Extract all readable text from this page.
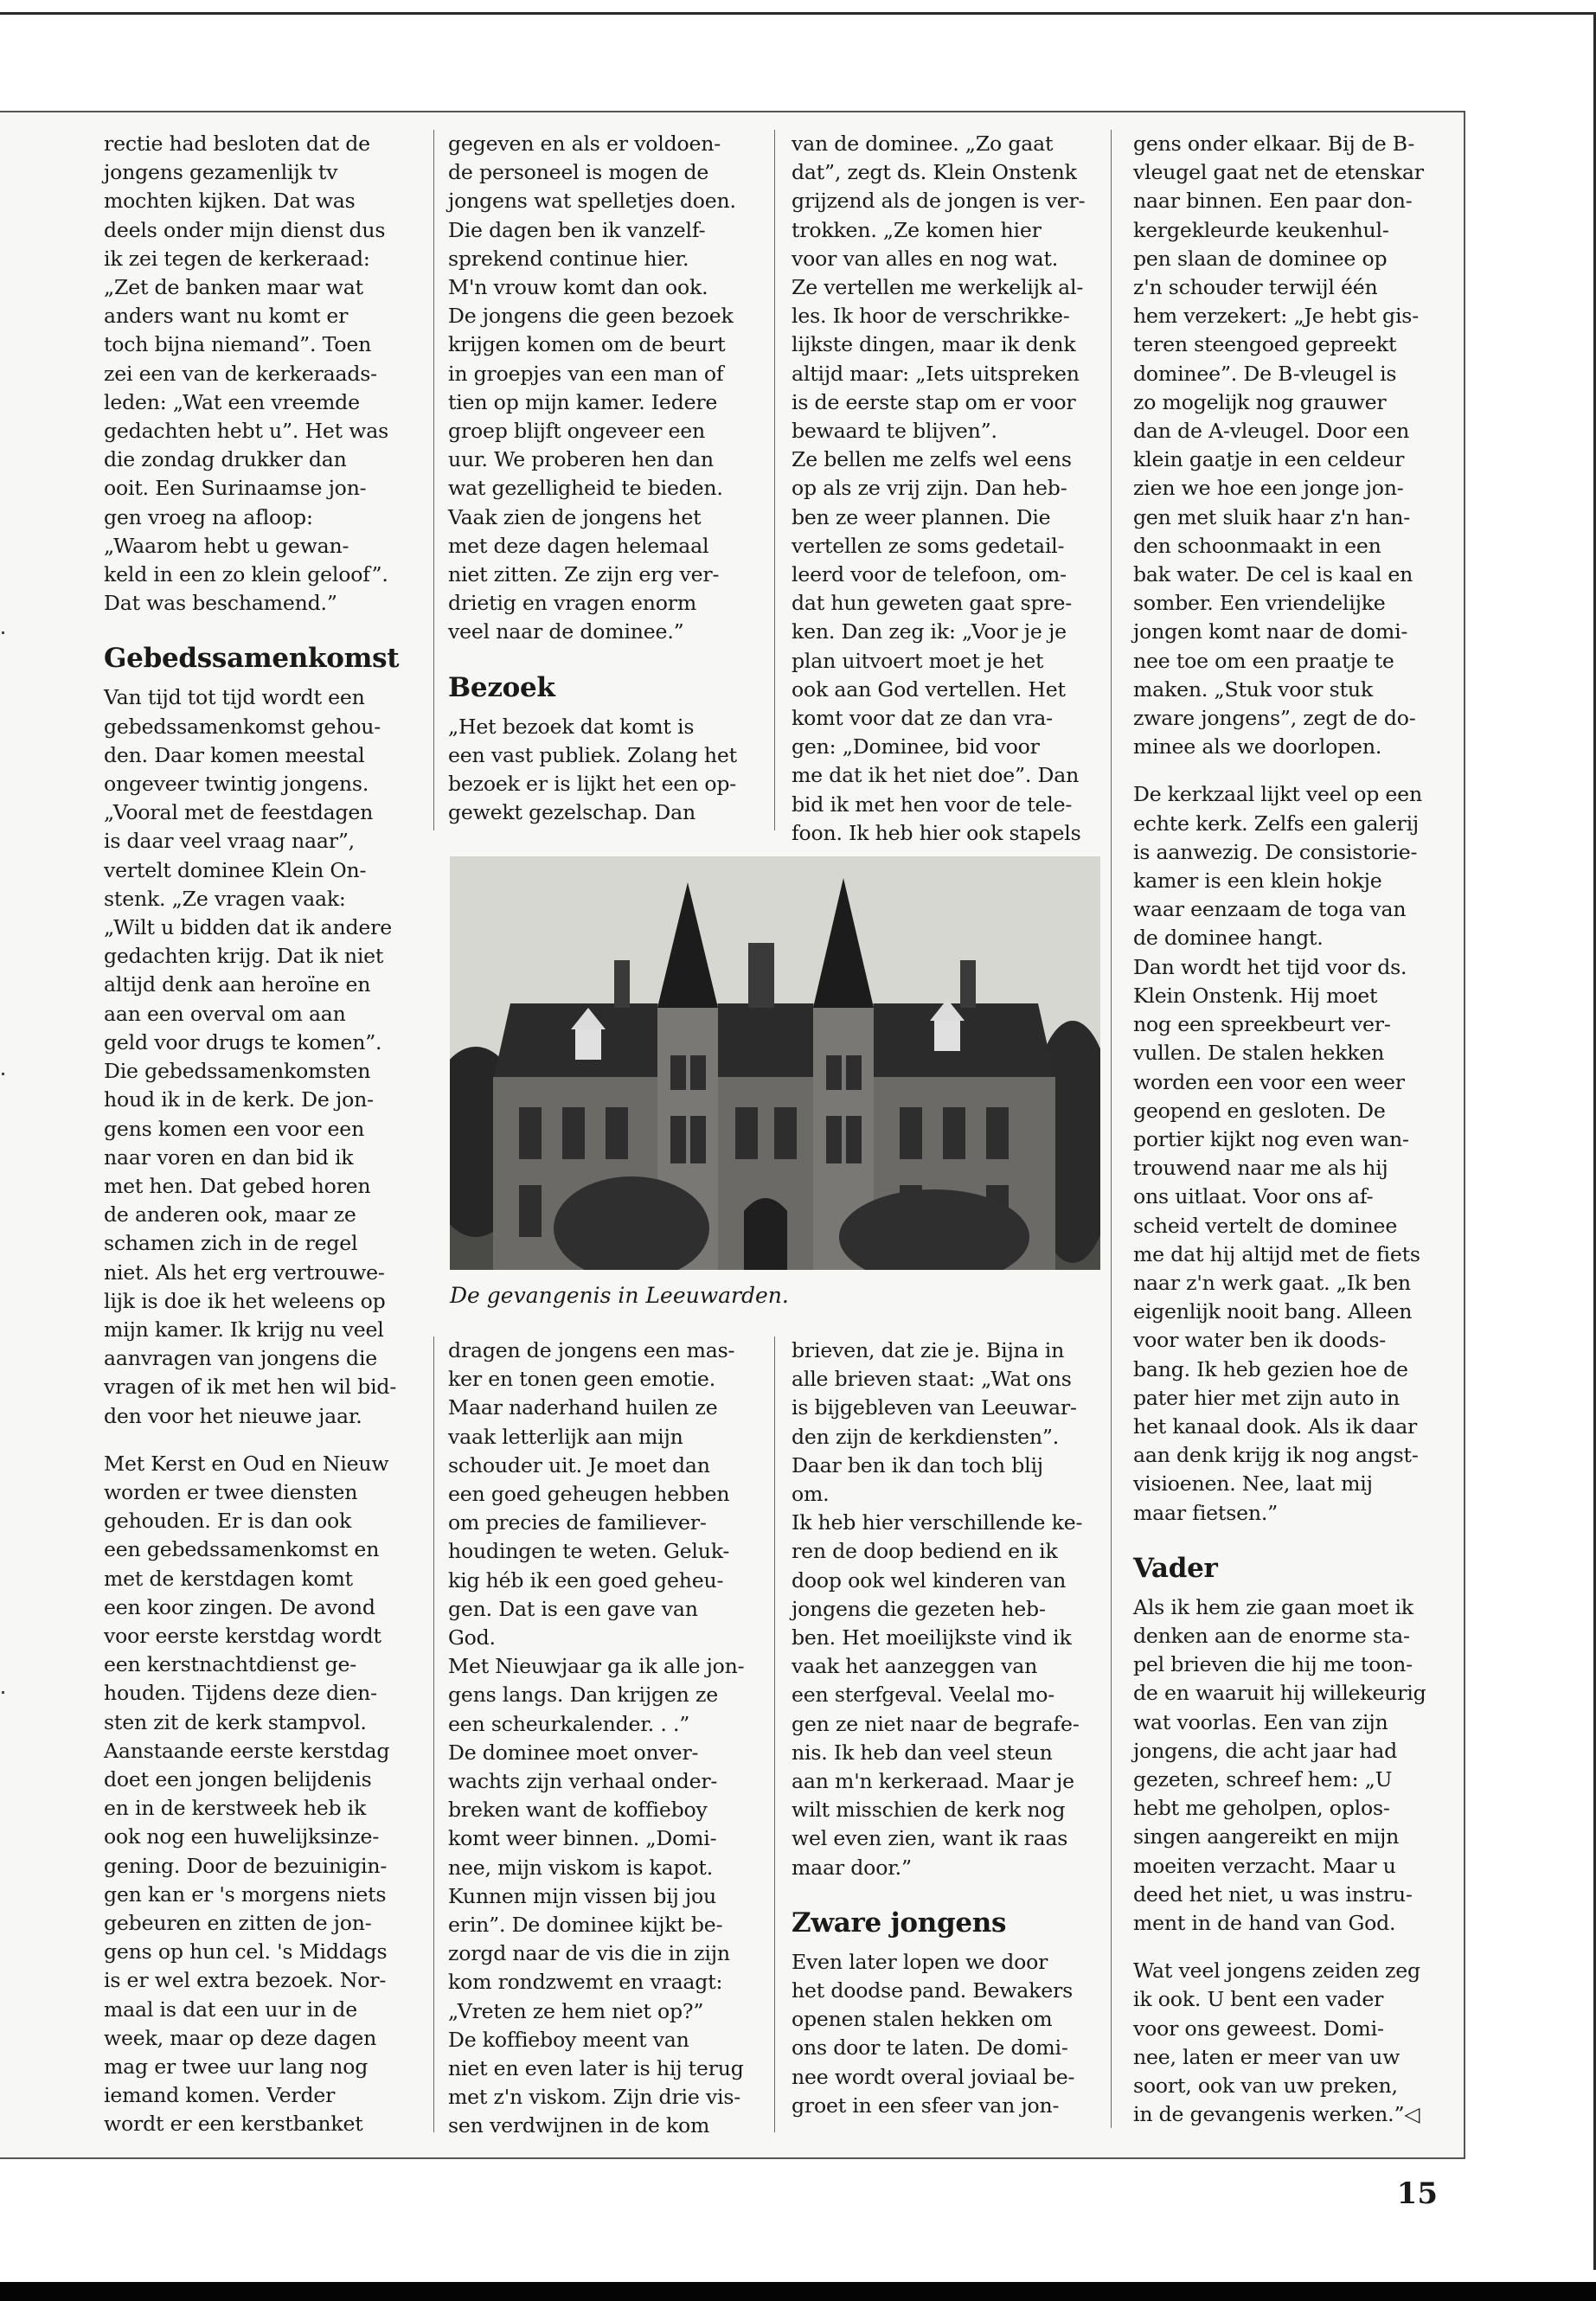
rectie had besloten dat de
jongens gezamenlijk tv
mochten kijken. Dat was
deels onder mijn dienst dus
ik zei tegen de kerkeraad:
„Zet de banken maar wat
anders want nu komt er
toch bijna niemand”. Toen
zei een van de kerkeraads-
leden: „Wat een vreemde
gedachten hebt u”. Het was
die zondag drukker dan
ooit. Een Surinaamse jon-
gen vroeg na afloop:
„Waarom hebt u gewan-
keld in een zo klein geloof”.
Dat was beschamend.”

Gebedssamenkomst

Van tijd tot tijd wordt een
gebedssamenkomst gehou-
den. Daar komen meestal
ongeveer twintig jongens.
„Vooral met de feestdagen
is daar veel vraag naar”,
vertelt dominee Klein On-
stenk. „Ze vragen vaak:
„Wilt u bidden dat ik andere
gedachten krijg. Dat ik niet
altijd denk aan heroïne en
aan een overval om aan
geld voor drugs te komen”.
Die gebedssamenkomsten
houd ik in de kerk. De jon-
gens komen een voor een
naar voren en dan bid ik
met hen. Dat gebed horen
de anderen ook, maar ze
schamen zich in de regel
niet. Als het erg vertrouwe-
lijk is doe ik het weleens op
mijn kamer. Ik krijg nu veel
aanvragen van jongens die
vragen of ik met hen wil bid-
den voor het nieuwe jaar.

Met Kerst en Oud en Nieuw
worden er twee diensten
gehouden. Er is dan ook
een gebedssamenkomst en
met de kerstdagen komt
een koor zingen. De avond
voor eerste kerstdag wordt
een kerstnachtdienst ge-
houden. Tijdens deze dien-
sten zit de kerk stampvol.
Aanstaande eerste kerstdag
doet een jongen belijdenis
en in de kerstweek heb ik
ook nog een huwelijksinze-
gening. Door de bezuinigin-
gen kan er 's morgens niets
gebeuren en zitten de jon-
gens op hun cel. 's Middags
is er wel extra bezoek. Nor-
maal is dat een uur in de
week, maar op deze dagen
mag er twee uur lang nog
iemand komen. Verder
wordt er een kerstbanket

gegeven en als er voldoen-
de personeel is mogen de
jongens wat spelletjes doen.
Die dagen ben ik vanzelf-
sprekend continue hier.
M'n vrouw komt dan ook.
De jongens die geen bezoek
krijgen komen om de beurt
in groepjes van een man of
tien op mijn kamer. Iedere
groep blijft ongeveer een
uur. We proberen hen dan
wat gezelligheid te bieden.
Vaak zien de jongens het
met deze dagen helemaal
niet zitten. Ze zijn erg ver-
drietig en vragen enorm
veel naar de dominee.”

Bezoek

„Het bezoek dat komt is
een vast publiek. Zolang het
bezoek er is lijkt het een op-
gewekt gezelschap. Dan

van de dominee. „Zo gaat
dat”, zegt ds. Klein Onstenk
grijzend als de jongen is ver-
trokken. „Ze komen hier
voor van alles en nog wat.
Ze vertellen me werkelijk al-
les. Ik hoor de verschrikke-
lijkste dingen, maar ik denk
altijd maar: „Iets uitspreken
is de eerste stap om er voor
bewaard te blijven”.
Ze bellen me zelfs wel eens
op als ze vrij zijn. Dan heb-
ben ze weer plannen. Die
vertellen ze soms gedetail-
leerd voor de telefoon, om-
dat hun geweten gaat spre-
ken. Dan zeg ik: „Voor je je
plan uitvoert moet je het
ook aan God vertellen. Het
komt voor dat ze dan vra-
gen: „Dominee, bid voor
me dat ik het niet doe”. Dan
bid ik met hen voor de tele-
foon. Ik heb hier ook stapels

De gevangenis in Leeuwarden.

dragen de jongens een mas-
ker en tonen geen emotie.
Maar naderhand huilen ze
vaak letterlijk aan mijn
schouder uit. Je moet dan
een goed geheugen hebben
om precies de familiever-
houdingen te weten. Geluk-
kig héb ik een goed geheu-
gen. Dat is een gave van
God.
Met Nieuwjaar ga ik alle jon-
gens langs. Dan krijgen ze
een scheurkalender. . .”
De dominee moet onver-
wachts zijn verhaal onder-
breken want de koffieboy
komt weer binnen. „Domi-
nee, mijn viskom is kapot.
Kunnen mijn vissen bij jou
erin”. De dominee kijkt be-
zorgd naar de vis die in zijn
kom rondzwemt en vraagt:
„Vreten ze hem niet op?”
De koffieboy meent van
niet en even later is hij terug
met z'n viskom. Zijn drie vis-
sen verdwijnen in de kom

brieven, dat zie je. Bijna in
alle brieven staat: „Wat ons
is bijgebleven van Leeuwar-
den zijn de kerkdiensten”.
Daar ben ik dan toch blij
om.
Ik heb hier verschillende ke-
ren de doop bediend en ik
doop ook wel kinderen van
jongens die gezeten heb-
ben. Het moeilijkste vind ik
vaak het aanzeggen van
een sterfgeval. Veelal mo-
gen ze niet naar de begrafe-
nis. Ik heb dan veel steun
aan m'n kerkeraad. Maar je
wilt misschien de kerk nog
wel even zien, want ik raas
maar door.”

Zware jongens

Even later lopen we door
het doodse pand. Bewakers
openen stalen hekken om
ons door te laten. De domi-
nee wordt overal joviaal be-
groet in een sfeer van jon-

gens onder elkaar. Bij de B-
vleugel gaat net de etenskar
naar binnen. Een paar don-
kergekleurde keukenhul-
pen slaan de dominee op
z'n schouder terwijl één
hem verzekert: „Je hebt gis-
teren steengoed gepreekt
dominee”. De B-vleugel is
zo mogelijk nog grauwer
dan de A-vleugel. Door een
klein gaatje in een celdeur
zien we hoe een jonge jon-
gen met sluik haar z'n han-
den schoonmaakt in een
bak water. De cel is kaal en
somber. Een vriendelijke
jongen komt naar de domi-
nee toe om een praatje te
maken. „Stuk voor stuk
zware jongens”, zegt de do-
minee als we doorlopen.

De kerkzaal lijkt veel op een
echte kerk. Zelfs een galerij
is aanwezig. De consistorie-
kamer is een klein hokje
waar eenzaam de toga van
de dominee hangt.
Dan wordt het tijd voor ds.
Klein Onstenk. Hij moet
nog een spreekbeurt ver-
vullen. De stalen hekken
worden een voor een weer
geopend en gesloten. De
portier kijkt nog even wan-
trouwend naar me als hij
ons uitlaat. Voor ons af-
scheid vertelt de dominee
me dat hij altijd met de fiets
naar z'n werk gaat. „Ik ben
eigenlijk nooit bang. Alleen
voor water ben ik doods-
bang. Ik heb gezien hoe de
pater hier met zijn auto in
het kanaal dook. Als ik daar
aan denk krijg ik nog angst-
visioenen. Nee, laat mij
maar fietsen.”

Vader

Als ik hem zie gaan moet ik
denken aan de enorme sta-
pel brieven die hij me toon-
de en waaruit hij willekeurig
wat voorlas. Een van zijn
jongens, die acht jaar had
gezeten, schreef hem: „U
hebt me geholpen, oplos-
singen aangereikt en mijn
moeiten verzacht. Maar u
deed het niet, u was instru-
ment in de hand van God.

Wat veel jongens zeiden zeg
ik ook. U bent een vader
voor ons geweest. Domi-
nee, laten er meer van uw
soort, ook van uw preken,
in de gevangenis werken.”◁

15
